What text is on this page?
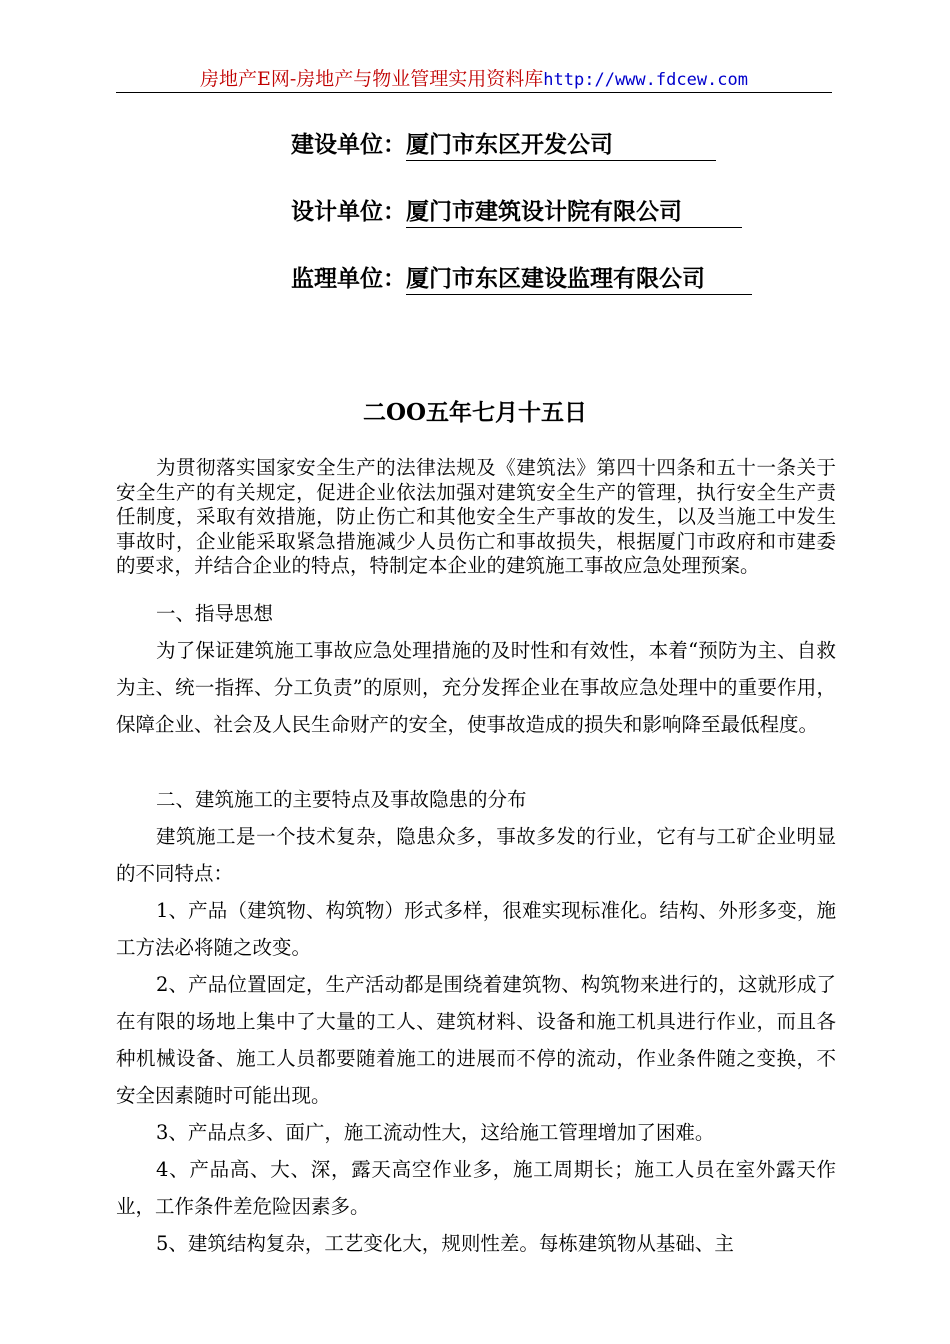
房地产E网-房地产与物业管理实用资料库http://www.fdcew.com
建设单位：厦门市东区开发公司
设计单位：厦门市建筑设计院有限公司
监理单位：厦门市东区建设监理有限公司
二OO五年七月十五日

为贯彻落实国家安全生产的法律法规及《建筑法》第四十四条和五十一条关于安全生产的有关规定，促进企业依法加强对建筑安全生产的管理，执行安全生产责任制度，采取有效措施，防止伤亡和其他安全生产事故的发生，以及当施工中发生事故时，企业能采取紧急措施减少人员伤亡和事故损失，根据厦门市政府和市建委的要求，并结合企业的特点，特制定本企业的建筑施工事故应急处理预案。

一、指导思想

为了保证建筑施工事故应急处理措施的及时性和有效性，本着“预防为主、自救为主、统一指挥、分工负责”的原则，充分发挥企业在事故应急处理中的重要作用，保障企业、社会及人民生命财产的安全，使事故造成的损失和影响降至最低程度。

二、建筑施工的主要特点及事故隐患的分布

建筑施工是一个技术复杂，隐患众多，事故多发的行业，它有与工矿企业明显的不同特点：

1、产品（建筑物、构筑物）形式多样，很难实现标准化。结构、外形多变，施工方法必将随之改变。

2、产品位置固定，生产活动都是围绕着建筑物、构筑物来进行的，这就形成了在有限的场地上集中了大量的工人、建筑材料、设备和施工机具进行作业，而且各种机械设备、施工人员都要随着施工的进展而不停的流动，作业条件随之变换，不安全因素随时可能出现。

3、产品点多、面广，施工流动性大，这给施工管理增加了困难。

4、产品高、大、深，露天高空作业多，施工周期长；施工人员在室外露天作业，工作条件差危险因素多。

5、建筑结构复杂，工艺变化大，规则性差。每栋建筑物从基础、主
